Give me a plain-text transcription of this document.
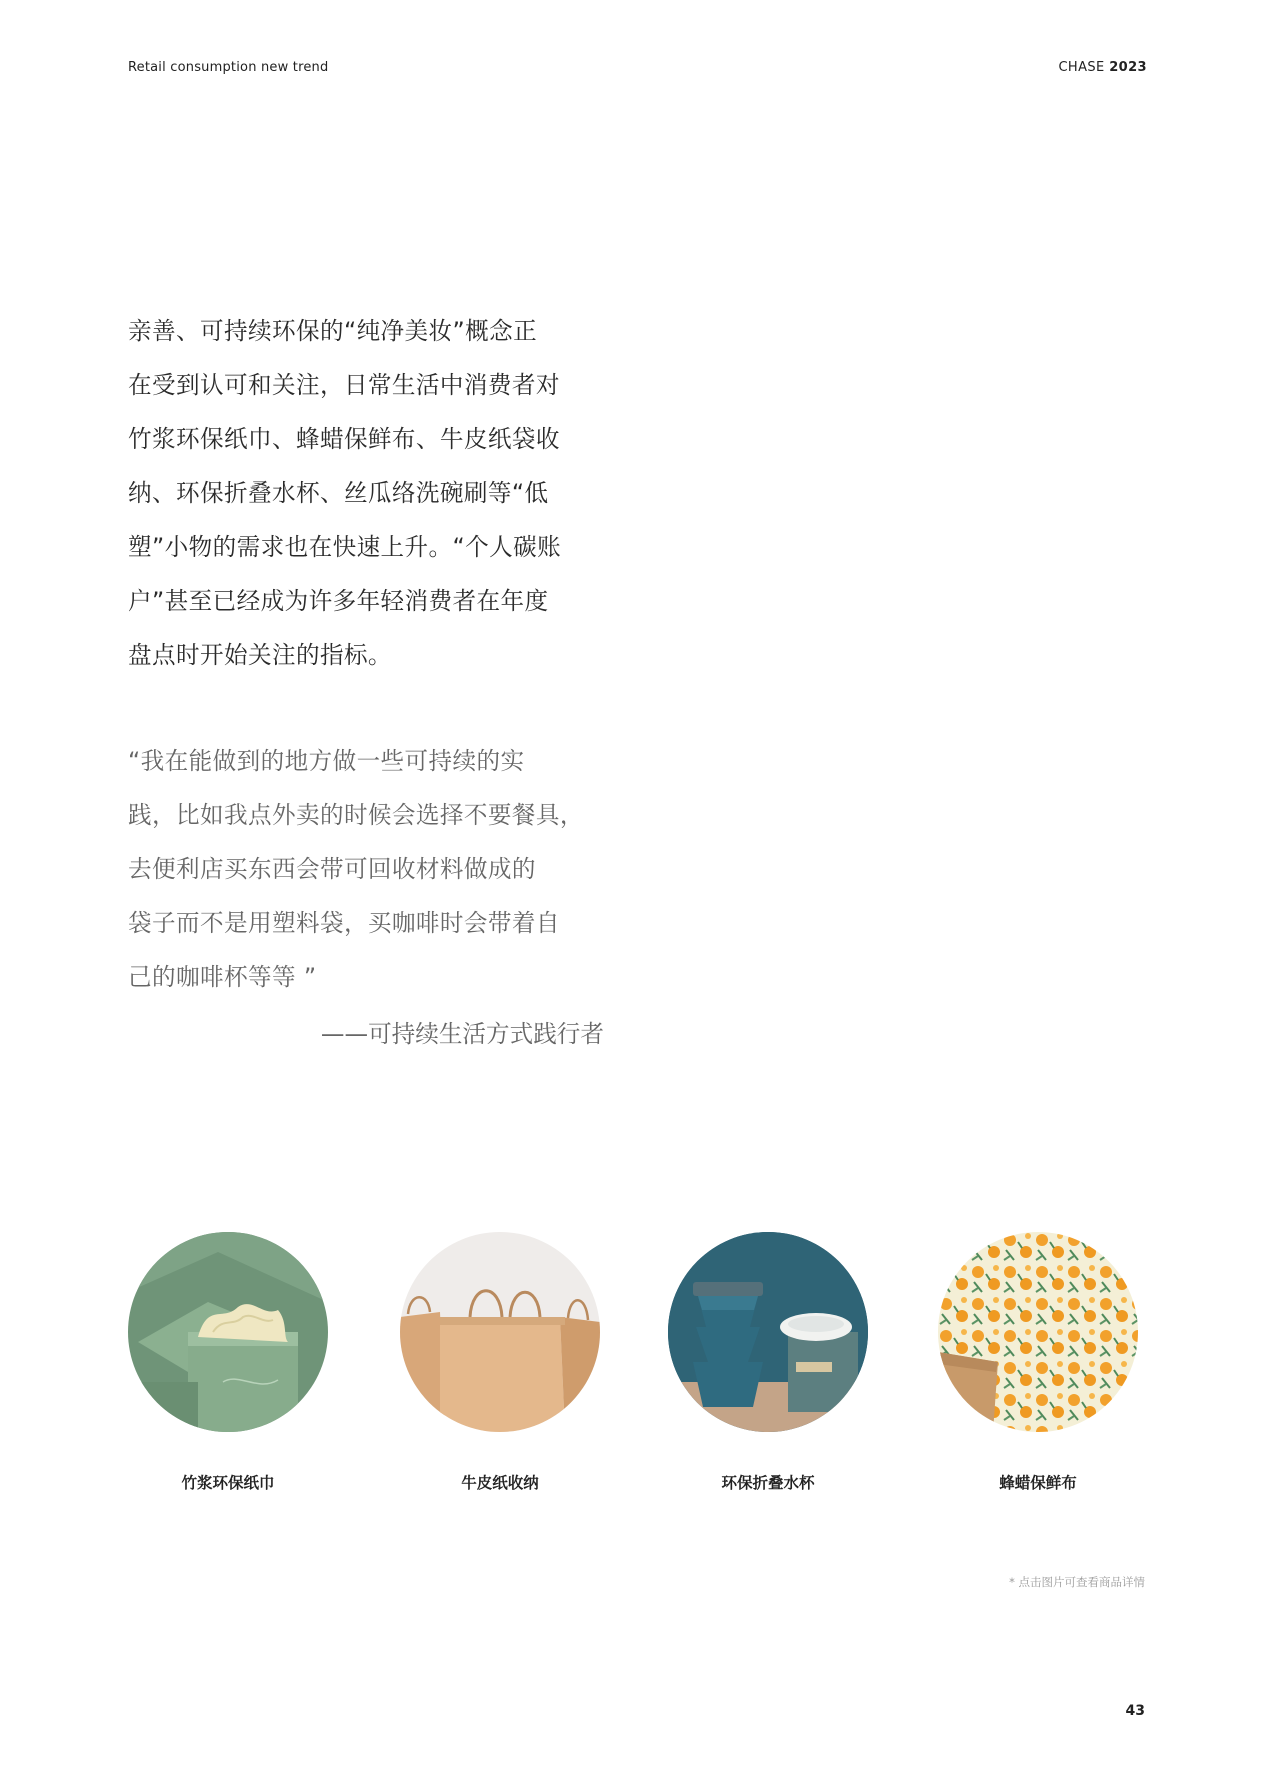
Retail consumption new trend	CHASE 2023
亲善、可持续环保的“纯净美妆”概念正
在受到认可和关注，日常生活中消费者对
竹浆环保纸巾、蜂蜡保鲜布、牛皮纸袋收
纳、环保折叠水杯、丝瓜络洗碗刷等“低
塑”小物的需求也在快速上升。“个人碳账
户”甚至已经成为许多年轻消费者在年度
盘点时开始关注的指标。
“我在能做到的地方做一些可持续的实
践，比如我点外卖的时候会选择不要餐具，
去便利店买东西会带可回收材料做成的
袋子而不是用塑料袋，买咖啡时会带着自
己的咖啡杯等等 ”
——可持续生活方式践行者
竹浆环保纸巾	牛皮纸收纳	环保折叠水杯	蜂蜡保鲜布
* 点击图片可查看商品详情
43
